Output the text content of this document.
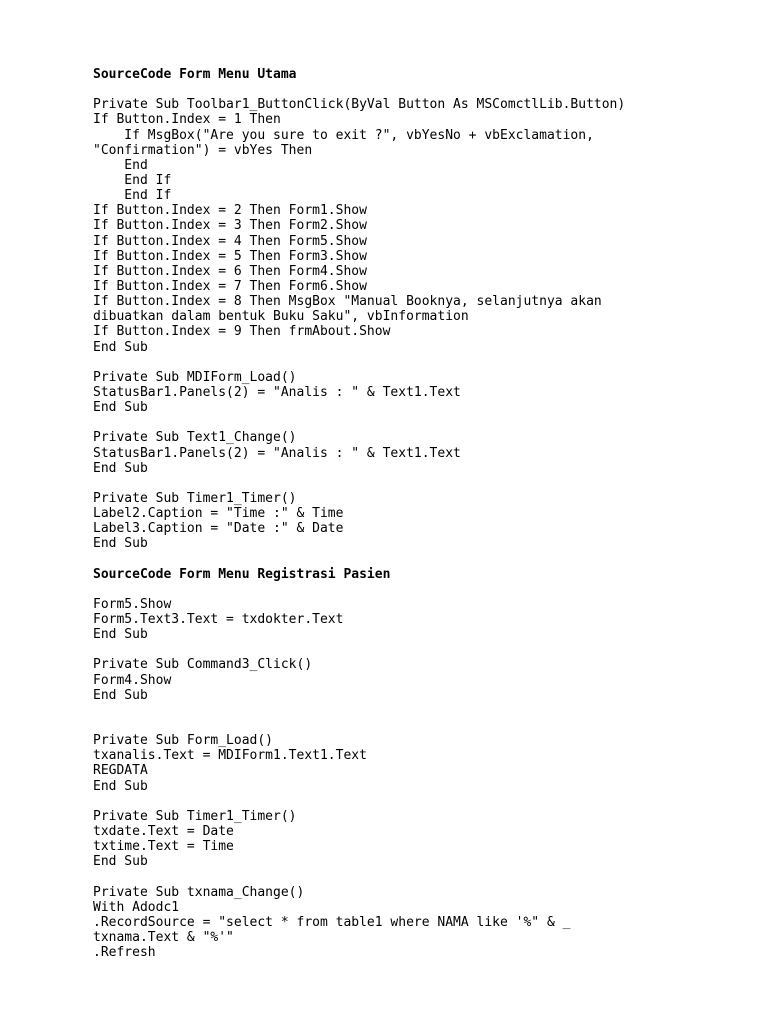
SourceCode Form Menu Utama
Private Sub Toolbar1_ButtonClick(ByVal Button As MSComctlLib.Button)
If Button.Index = 1 Then
If MsgBox("Are you sure to exit ?", vbYesNo + vbExclamation,
"Confirmation") = vbYes Then
End
End If
End If
If Button.Index = 2 Then Form1.Show
If Button.Index = 3 Then Form2.Show
If Button.Index = 4 Then Form5.Show
If Button.Index = 5 Then Form3.Show
If Button.Index = 6 Then Form4.Show
If Button.Index = 7 Then Form6.Show
If Button.Index = 8 Then MsgBox "Manual Booknya, selanjutnya akan
dibuatkan dalam bentuk Buku Saku", vbInformation
If Button.Index = 9 Then frmAbout.Show
End Sub
Private Sub MDIForm_Load()
StatusBar1.Panels(2) = "Analis : " & Text1.Text
End Sub
Private Sub Text1_Change()
StatusBar1.Panels(2) = "Analis : " & Text1.Text
End Sub
Private Sub Timer1_Timer()
Label2.Caption = "Time :" & Time
Label3.Caption = "Date :" & Date
End Sub
SourceCode Form Menu Registrasi Pasien
Form5.Show
Form5.Text3.Text = txdokter.Text
End Sub
Private Sub Command3_Click()
Form4.Show
End Sub
Private Sub Form_Load()
txanalis.Text = MDIForm1.Text1.Text
REGDATA
End Sub
Private Sub Timer1_Timer()
txdate.Text = Date
txtime.Text = Time
End Sub
Private Sub txnama_Change()
With Adodc1
.RecordSource = "select * from table1 where NAMA like '%" & _
txnama.Text & "%'"
.Refresh
